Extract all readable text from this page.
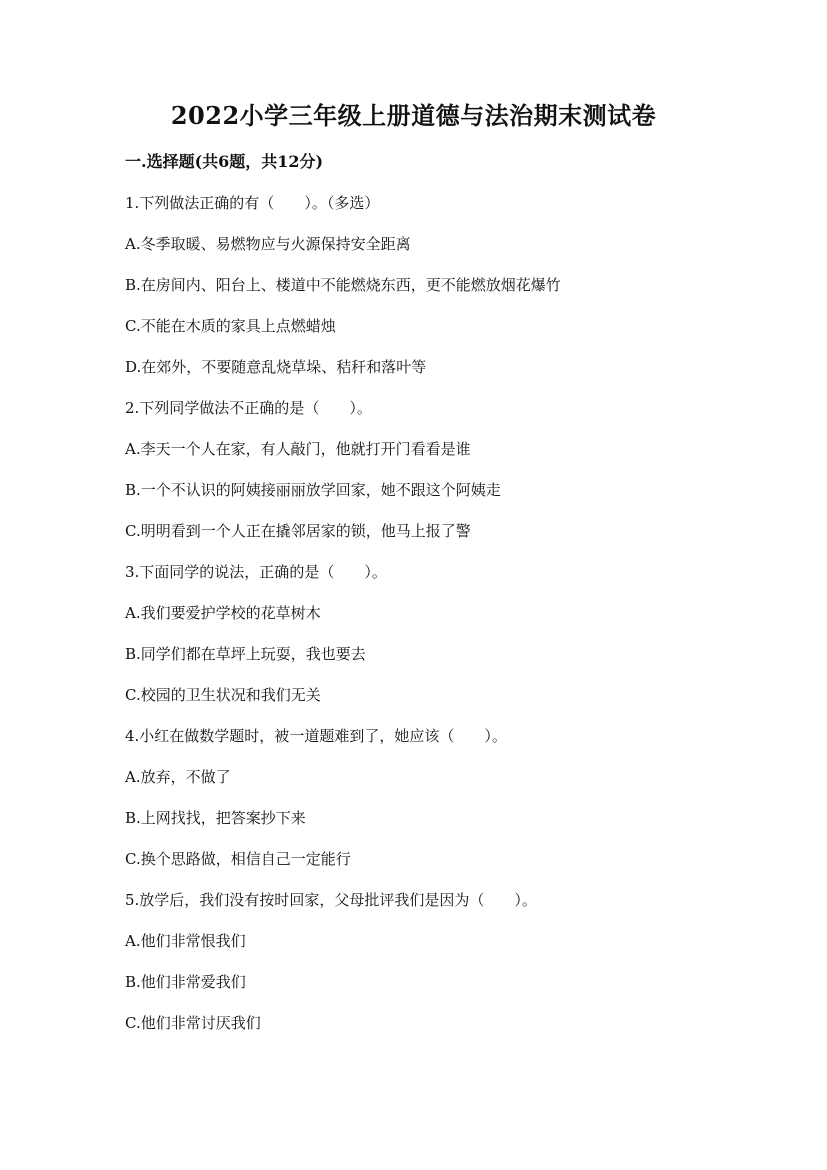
2022小学三年级上册道德与法治期末测试卷
一.选择题(共6题，共12分)
1.下列做法正确的有（　　）。（多选）
A.冬季取暖、易燃物应与火源保持安全距离
B.在房间内、阳台上、楼道中不能燃烧东西，更不能燃放烟花爆竹
C.不能在木质的家具上点燃蜡烛
D.在郊外，不要随意乱烧草垛、秸秆和落叶等
2.下列同学做法不正确的是（　　）。
A.李天一个人在家，有人敲门，他就打开门看看是谁
B.一个不认识的阿姨接丽丽放学回家，她不跟这个阿姨走
C.明明看到一个人正在撬邻居家的锁，他马上报了警
3.下面同学的说法，正确的是（　　）。
A.我们要爱护学校的花草树木
B.同学们都在草坪上玩耍，我也要去
C.校园的卫生状况和我们无关
4.小红在做数学题时，被一道题难到了，她应该（　　）。
A.放弃，不做了
B.上网找找，把答案抄下来
C.换个思路做，相信自己一定能行
5.放学后，我们没有按时回家，父母批评我们是因为（　　）。
A.他们非常恨我们
B.他们非常爱我们
C.他们非常讨厌我们
